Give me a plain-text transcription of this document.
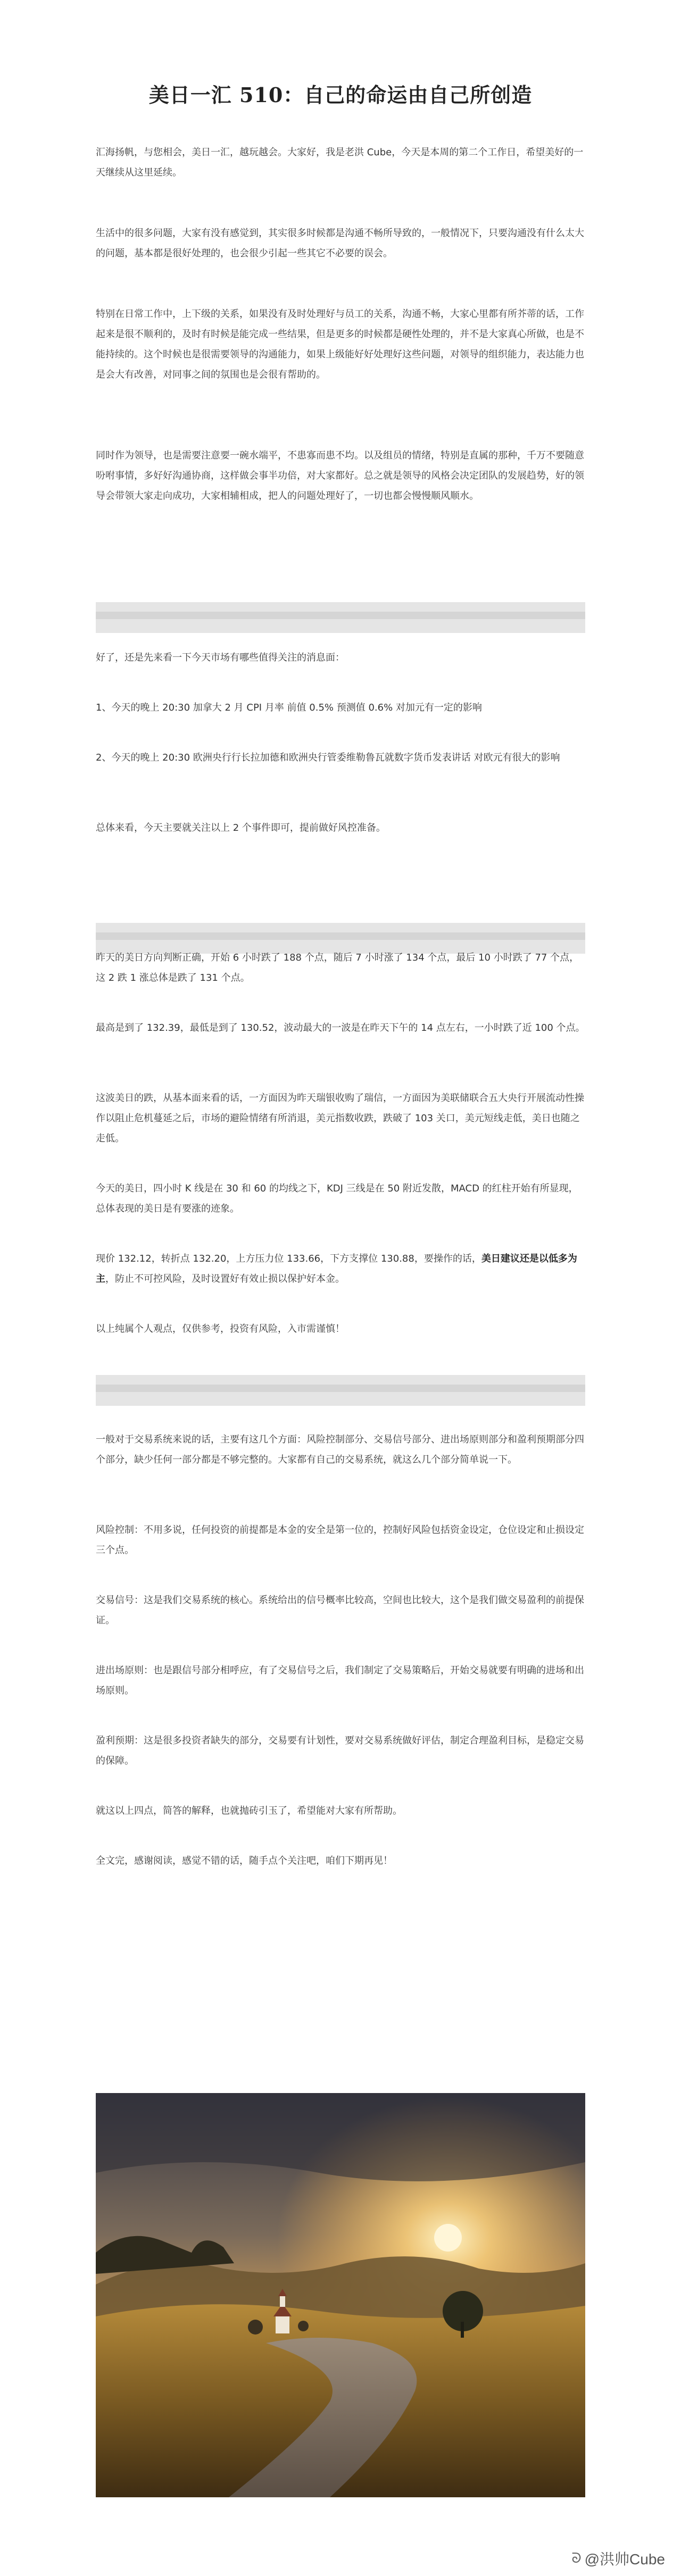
美日一汇 510：自己的命运由自己所创造

汇海扬帆，与您相会，美日一汇，越玩越会。大家好，我是老洪 Cube，今天是本周的第二个工作日，希望美好的一天继续从这里延续。

生活中的很多问题，大家有没有感觉到，其实很多时候都是沟通不畅所导致的，一般情况下，只要沟通没有什么太大的问题，基本都是很好处理的，也会很少引起一些其它不必要的误会。

特别在日常工作中，上下级的关系，如果没有及时处理好与员工的关系，沟通不畅，大家心里都有所芥蒂的话，工作起来是很不顺利的，及时有时候是能完成一些结果，但是更多的时候都是硬性处理的，并不是大家真心所做，也是不能持续的。这个时候也是很需要领导的沟通能力，如果上级能好好处理好这些问题，对领导的组织能力，表达能力也是会大有改善，对同事之间的氛围也是会很有帮助的。

同时作为领导，也是需要注意要一碗水端平，不患寡而患不均。以及组员的情绪，特别是直属的那种，千万不要随意吩咐事情，多好好沟通协商，这样做会事半功倍，对大家都好。总之就是领导的风格会决定团队的发展趋势，好的领导会带领大家走向成功，大家相辅相成，把人的问题处理好了，一切也都会慢慢顺风顺水。

好了，还是先来看一下今天市场有哪些值得关注的消息面：

1、今天的晚上 20:30 加拿大 2 月 CPI 月率 前值 0.5% 预测值 0.6% 对加元有一定的影响

2、今天的晚上 20:30 欧洲央行行长拉加德和欧洲央行管委维勒鲁瓦就数字货币发表讲话 对欧元有很大的影响

总体来看，今天主要就关注以上 2 个事件即可，提前做好风控准备。

昨天的美日方向判断正确，开始 6 小时跌了 188 个点，随后 7 小时涨了 134 个点，最后 10 小时跌了 77 个点，这 2 跌 1 涨总体是跌了 131 个点。

最高是到了 132.39，最低是到了 130.52，波动最大的一波是在昨天下午的 14 点左右，一小时跌了近 100 个点。

这波美日的跌，从基本面来看的话，一方面因为昨天瑞银收购了瑞信，一方面因为美联储联合五大央行开展流动性操作以阻止危机蔓延之后，市场的避险情绪有所消退，美元指数收跌，跌破了 103 关口，美元短线走低，美日也随之走低。

今天的美日，四小时 K 线是在 30 和 60 的均线之下，KDJ 三线是在 50 附近发散，MACD 的红柱开始有所显现，总体表现的美日是有要涨的迹象。

现价 132.12，转折点 132.20，上方压力位 133.66，下方支撑位 130.88，要操作的话，美日建议还是以低多为主，防止不可控风险，及时设置好有效止损以保护好本金。

以上纯属个人观点，仅供参考，投资有风险，入市需谨慎！

一般对于交易系统来说的话，主要有这几个方面：风险控制部分、交易信号部分、进出场原则部分和盈利预期部分四个部分，缺少任何一部分都是不够完整的。大家都有自己的交易系统，就这么几个部分简单说一下。

风险控制：不用多说，任何投资的前提都是本金的安全是第一位的，控制好风险包括资金设定，仓位设定和止损设定三个点。

交易信号：这是我们交易系统的核心。系统给出的信号概率比较高，空间也比较大，这个是我们做交易盈利的前提保证。

进出场原则：也是跟信号部分相呼应，有了交易信号之后，我们制定了交易策略后，开始交易就要有明确的进场和出场原则。

盈利预期：这是很多投资者缺失的部分，交易要有计划性，要对交易系统做好评估，制定合理盈利目标，是稳定交易的保障。

就这以上四点，简答的解释，也就抛砖引玉了，希望能对大家有所帮助。

全文完，感谢阅读，感觉不错的话，随手点个关注吧，咱们下期再见！

ᘐ @洪帅Cube
